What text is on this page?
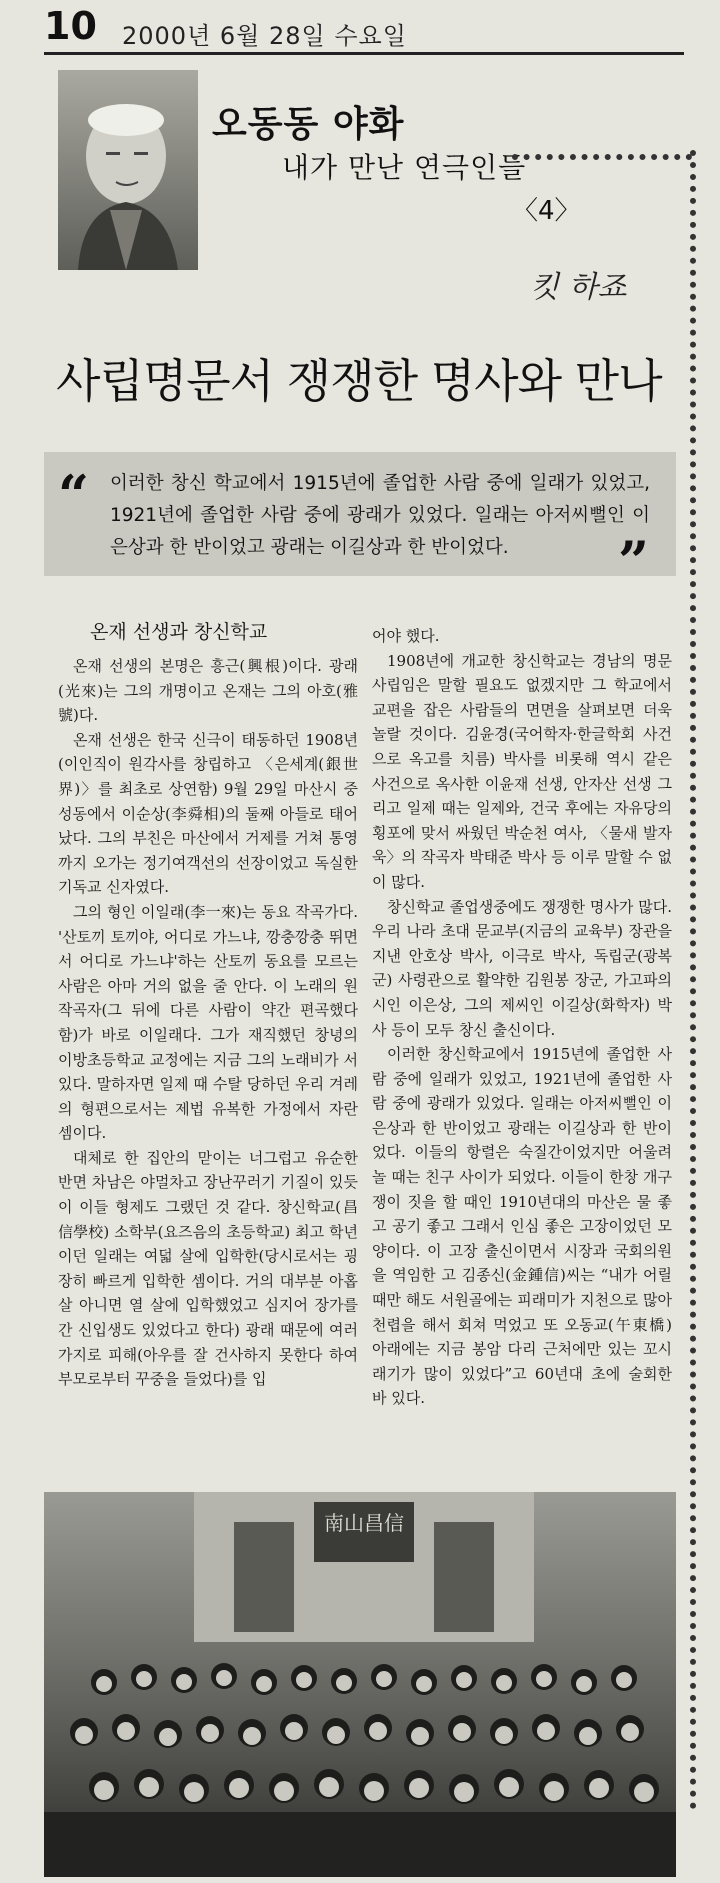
10 2000년 6월 28일 수요일
오동동 야화
내가 만난 연극인들
〈4〉
킷 하죠
사립명문서 쟁쟁한 명사와 만나
“ 이러한 창신 학교에서 1915년에 졸업한 사람 중에 일래가 있었고, 1921년에 졸업한 사람 중에 광래가 있었다. 일래는 아저씨뻘인 이은상과 한 반이었고 광래는 이길상과 한 반이었다.	”
온재 선생과 창신학교

온재 선생의 본명은 흥근(興根)이다. 광래(光來)는 그의 개명이고 온재는 그의 아호(雅號)다.

온재 선생은 한국 신극이 태동하던 1908년(이인직이 원각사를 창립하고 〈은세계(銀世界)〉를 최초로 상연함) 9월 29일 마산시 중성동에서 이순상(李舜相)의 둘째 아들로 태어났다. 그의 부친은 마산에서 거제를 거쳐 통영까지 오가는 정기여객선의 선장이었고 독실한 기독교 신자였다.

그의 형인 이일래(李一來)는 동요 작곡가다. '산토끼 토끼야, 어디로 가느냐, 깡충깡충 뛰면서 어디로 가느냐'하는 산토끼 동요를 모르는 사람은 아마 거의 없을 줄 안다. 이 노래의 원 작곡자(그 뒤에 다른 사람이 약간 편곡했다 함)가 바로 이일래다. 그가 재직했던 창녕의 이방초등학교 교정에는 지금 그의 노래비가 서 있다. 말하자면 일제 때 수탈 당하던 우리 겨레의 형편으로서는 제법 유복한 가정에서 자란 셈이다.

대체로 한 집안의 맏이는 너그럽고 유순한 반면 차남은 야멀차고 장난꾸러기 기질이 있듯이 이들 형제도 그랬던 것 같다. 창신학교(昌信學校) 소학부(요즈음의 초등학교) 최고 학년이던 일래는 여덟 살에 입학한(당시로서는 굉장히 빠르게 입학한 셈이다. 거의 대부분 아홉 살 아니면 열 살에 입학했었고 심지어 장가를 간 신입생도 있었다고 한다) 광래 때문에 여러 가지로 피해(아우를 잘 건사하지 못한다 하여 부모로부터 꾸중을 들었다)를 입

어야 했다.

1908년에 개교한 창신학교는 경남의 명문 사립임은 말할 필요도 없겠지만 그 학교에서 교편을 잡은 사람들의 면면을 살펴보면 더욱 놀랄 것이다. 김윤경(국어학자·한글학회 사건으로 옥고를 치름) 박사를 비롯해 역시 같은 사건으로 옥사한 이윤재 선생, 안자산 선생 그리고 일제 때는 일제와, 건국 후에는 자유당의 횡포에 맞서 싸웠던 박순천 여사, 〈물새 발자욱〉의 작곡자 박태준 박사 등 이루 말할 수 없이 많다.

창신학교 졸업생중에도 쟁쟁한 명사가 많다. 우리 나라 초대 문교부(지금의 교육부) 장관을 지낸 안호상 박사, 이극로 박사, 독립군(광복군) 사령관으로 활약한 김원봉 장군, 가고파의 시인 이은상, 그의 제씨인 이길상(화학자) 박사 등이 모두 창신 출신이다.

이러한 창신학교에서 1915년에 졸업한 사람 중에 일래가 있었고, 1921년에 졸업한 사람 중에 광래가 있었다. 일래는 아저씨뻘인 이은상과 한 반이었고 광래는 이길상과 한 반이었다. 이들의 항렬은 숙질간이었지만 어울려 놀 때는 친구 사이가 되었다. 이들이 한창 개구쟁이 짓을 할 때인 1910년대의 마산은 물 좋고 공기 좋고 그래서 인심 좋은 고장이었던 모양이다. 이 고장 출신이면서 시장과 국회의원을 역임한 고 김종신(金鍾信)씨는 “내가 어릴 때만 해도 서원골에는 피래미가 지천으로 많아 천렵을 해서 회쳐 먹었고 또 오동교(午東橋) 아래에는 지금 봉암 다리 근처에만 있는 꼬시래기가 많이 있었다”고 60년대 초에 술회한 바 있다.

南山昌信
